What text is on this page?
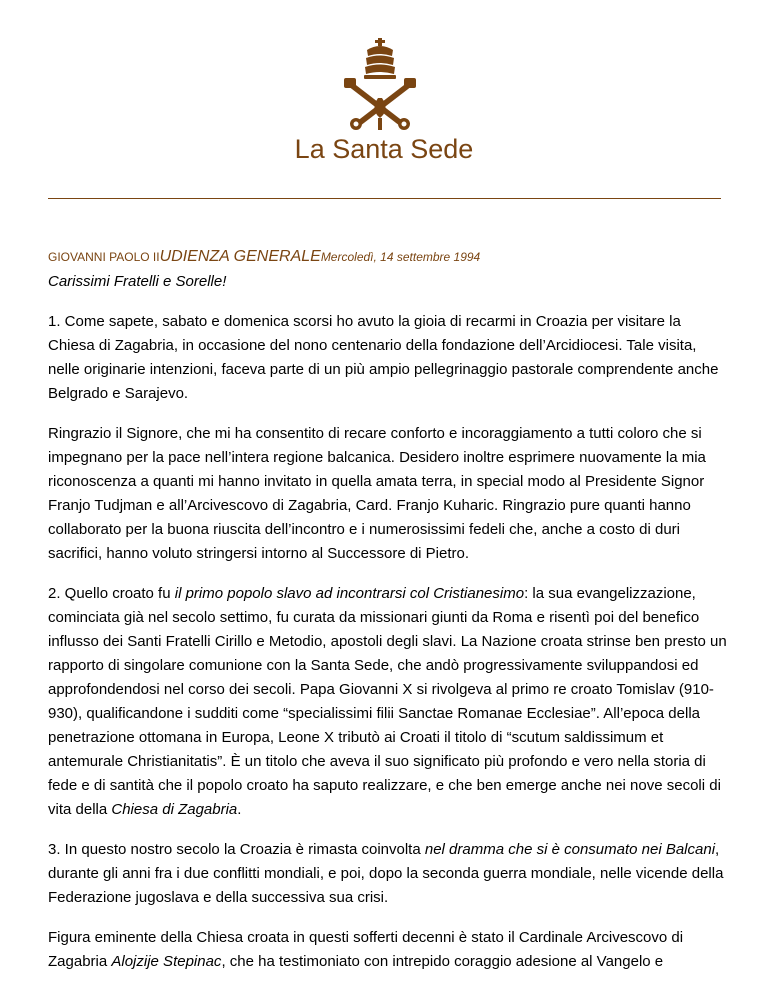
La Santa Sede
GIOVANNI PAOLO IIUDIENZA GENERALEMercoledì, 14 settembre 1994

Carissimi Fratelli e Sorelle!

1. Come sapete, sabato e domenica scorsi ho avuto la gioia di recarmi in Croazia per visitare la Chiesa di Zagabria, in occasione del nono centenario della fondazione dell’Arcidiocesi. Tale visita, nelle originarie intenzioni, faceva parte di un più ampio pellegrinaggio pastorale comprendente anche Belgrado e Sarajevo.

Ringrazio il Signore, che mi ha consentito di recare conforto e incoraggiamento a tutti coloro che si impegnano per la pace nell’intera regione balcanica. Desidero inoltre esprimere nuovamente la mia riconoscenza a quanti mi hanno invitato in quella amata terra, in special modo al Presidente Signor Franjo Tudjman e all’Arcivescovo di Zagabria, Card. Franjo Kuharic. Ringrazio pure quanti hanno collaborato per la buona riuscita dell’incontro e i numerosissimi fedeli che, anche a costo di duri sacrifici, hanno voluto stringersi intorno al Successore di Pietro.

2. Quello croato fu il primo popolo slavo ad incontrarsi col Cristianesimo: la sua evangelizzazione, cominciata già nel secolo settimo, fu curata da missionari giunti da Roma e risentì poi del benefico influsso dei Santi Fratelli Cirillo e Metodio, apostoli degli slavi. La Nazione croata strinse ben presto un rapporto di singolare comunione con la Santa Sede, che andò progressivamente sviluppandosi ed approfondendosi nel corso dei secoli. Papa Giovanni X si rivolgeva al primo re croato Tomislav (910-930), qualificandone i sudditi come “specialissimi filii Sanctae Romanae Ecclesiae”. All’epoca della penetrazione ottomana in Europa, Leone X tributò ai Croati il titolo di “scutum saldissimum et antemurale Christianitatis”. È un titolo che aveva il suo significato più profondo e vero nella storia di fede e di santità che il popolo croato ha saputo realizzare, e che ben emerge anche nei nove secoli di vita della Chiesa di Zagabria.

3. In questo nostro secolo la Croazia è rimasta coinvolta nel dramma che si è consumato nei Balcani, durante gli anni fra i due conflitti mondiali, e poi, dopo la seconda guerra mondiale, nelle vicende della Federazione jugoslava e della successiva sua crisi.

Figura eminente della Chiesa croata in questi sofferti decenni è stato il Cardinale Arcivescovo di Zagabria Alojzije Stepinac, che ha testimoniato con intrepido coraggio adesione al Vangelo e
